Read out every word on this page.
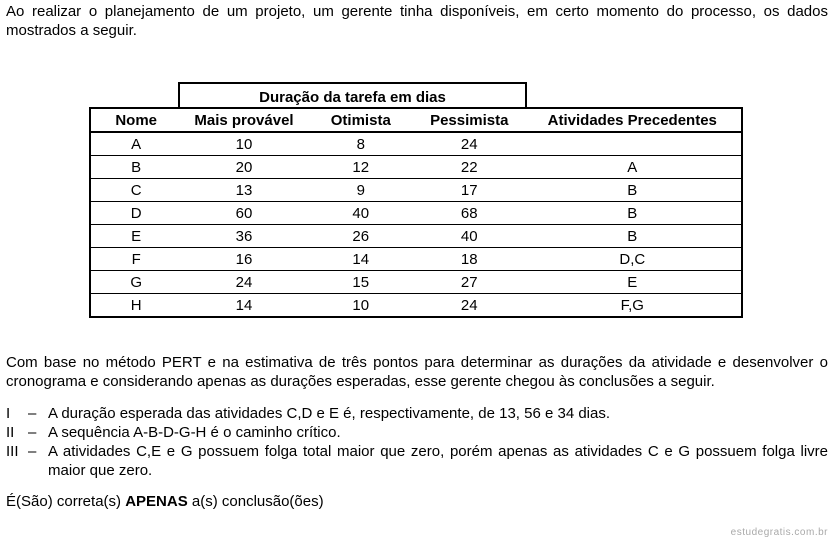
Ao realizar o planejamento de um projeto, um gerente tinha disponíveis, em certo momento do processo, os dados mostrados a seguir.

Duração da tarefa em dias
Nome	Mais provável	Otimista	Pessimista	Atividades Precedentes
A	10	8	24	
B	20	12	22	A
C	13	9	17	B
D	60	40	68	B
E	36	26	40	B
F	16	14	18	D,C
G	24	15	27	E
H	14	10	24	F,G

Com base no método PERT e na estimativa de três pontos para determinar as durações da atividade e desenvolver o cronograma e considerando apenas as durações esperadas, esse gerente chegou às conclusões a seguir.

I	– A duração esperada das atividades C,D e E é, respectivamente, de 13, 56 e 34 dias.
II – A sequência A-B-D-G-H é o caminho crítico.
III – A atividades C,E e G possuem folga total maior que zero, porém apenas as atividades C e G possuem folga livre maior que zero.
É(São) correta(s) APENAS a(s) conclusão(ões)
estudegratis.com.br
